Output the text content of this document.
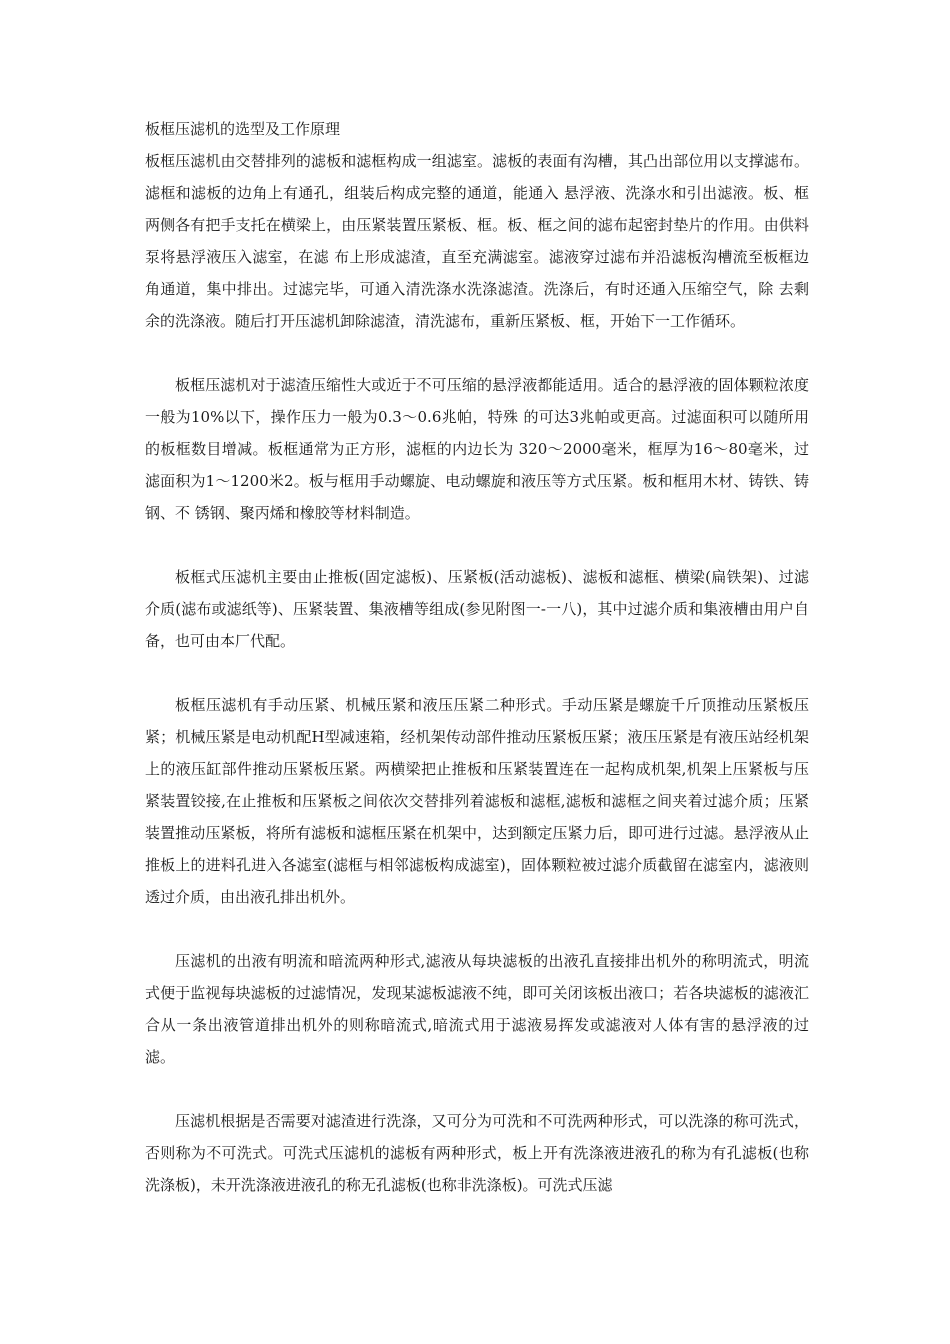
板框压滤机的选型及工作原理

板框压滤机由交替排列的滤板和滤框构成一组滤室。滤板的表面有沟槽，其凸出部位用以支撑滤布。滤框和滤板的边角上有通孔，组装后构成完整的通道，能通入 悬浮液、洗涤水和引出滤液。板、框两侧各有把手支托在横梁上，由压紧装置压紧板、框。板、框之间的滤布起密封垫片的作用。由供料泵将悬浮液压入滤室，在滤 布上形成滤渣，直至充满滤室。滤液穿过滤布并沿滤板沟槽流至板框边角通道，集中排出。过滤完毕，可通入清洗涤水洗涤滤渣。洗涤后，有时还通入压缩空气，除 去剩余的洗涤液。随后打开压滤机卸除滤渣，清洗滤布，重新压紧板、框，开始下一工作循环。

板框压滤机对于滤渣压缩性大或近于不可压缩的悬浮液都能适用。适合的悬浮液的固体颗粒浓度一般为10%以下，操作压力一般为0.3～0.6兆帕，特殊 的可达3兆帕或更高。过滤面积可以随所用的板框数目增减。板框通常为正方形，滤框的内边长为 320～2000毫米，框厚为16～80毫米，过滤面积为1～1200米2。板与框用手动螺旋、电动螺旋和液压等方式压紧。板和框用木材、铸铁、铸钢、不 锈钢、聚丙烯和橡胶等材料制造。

板框式压滤机主要由止推板(固定滤板)、压紧板(活动滤板)、滤板和滤框、横梁(扁铁架)、过滤介质(滤布或滤纸等)、压紧装置、集液槽等组成(参见附图一-一八)，其中过滤介质和集液槽由用户自备，也可由本厂代配。

板框压滤机有手动压紧、机械压紧和液压压紧二种形式。手动压紧是螺旋千斤顶推动压紧板压紧；机械压紧是电动机配H型减速箱，经机架传动部件推动压紧板压紧；液压压紧是有液压站经机架上的液压缸部件推动压紧板压紧。两横梁把止推板和压紧装置连在一起构成机架,机架上压紧板与压紧装置铰接,在止推板和压紧板之间依次交替排列着滤板和滤框,滤板和滤框之间夹着过滤介质；压紧装置推动压紧板，将所有滤板和滤框压紧在机架中，达到额定压紧力后，即可进行过滤。悬浮液从止推板上的进料孔进入各滤室(滤框与相邻滤板构成滤室)，固体颗粒被过滤介质截留在滤室内，滤液则透过介质，由出液孔排出机外。

压滤机的出液有明流和暗流两种形式,滤液从每块滤板的出液孔直接排出机外的称明流式，明流式便于监视每块滤板的过滤情况，发现某滤板滤液不纯，即可关闭该板出液口；若各块滤板的滤液汇合从一条出液管道排出机外的则称暗流式,暗流式用于滤液易挥发或滤液对人体有害的悬浮液的过滤。

压滤机根据是否需要对滤渣进行洗涤，又可分为可洗和不可洗两种形式，可以洗涤的称可洗式，否则称为不可洗式。可洗式压滤机的滤板有两种形式，板上开有洗涤液进液孔的称为有孔滤板(也称洗涤板)，未开洗涤液进液孔的称无孔滤板(也称非洗涤板)。可洗式压滤
